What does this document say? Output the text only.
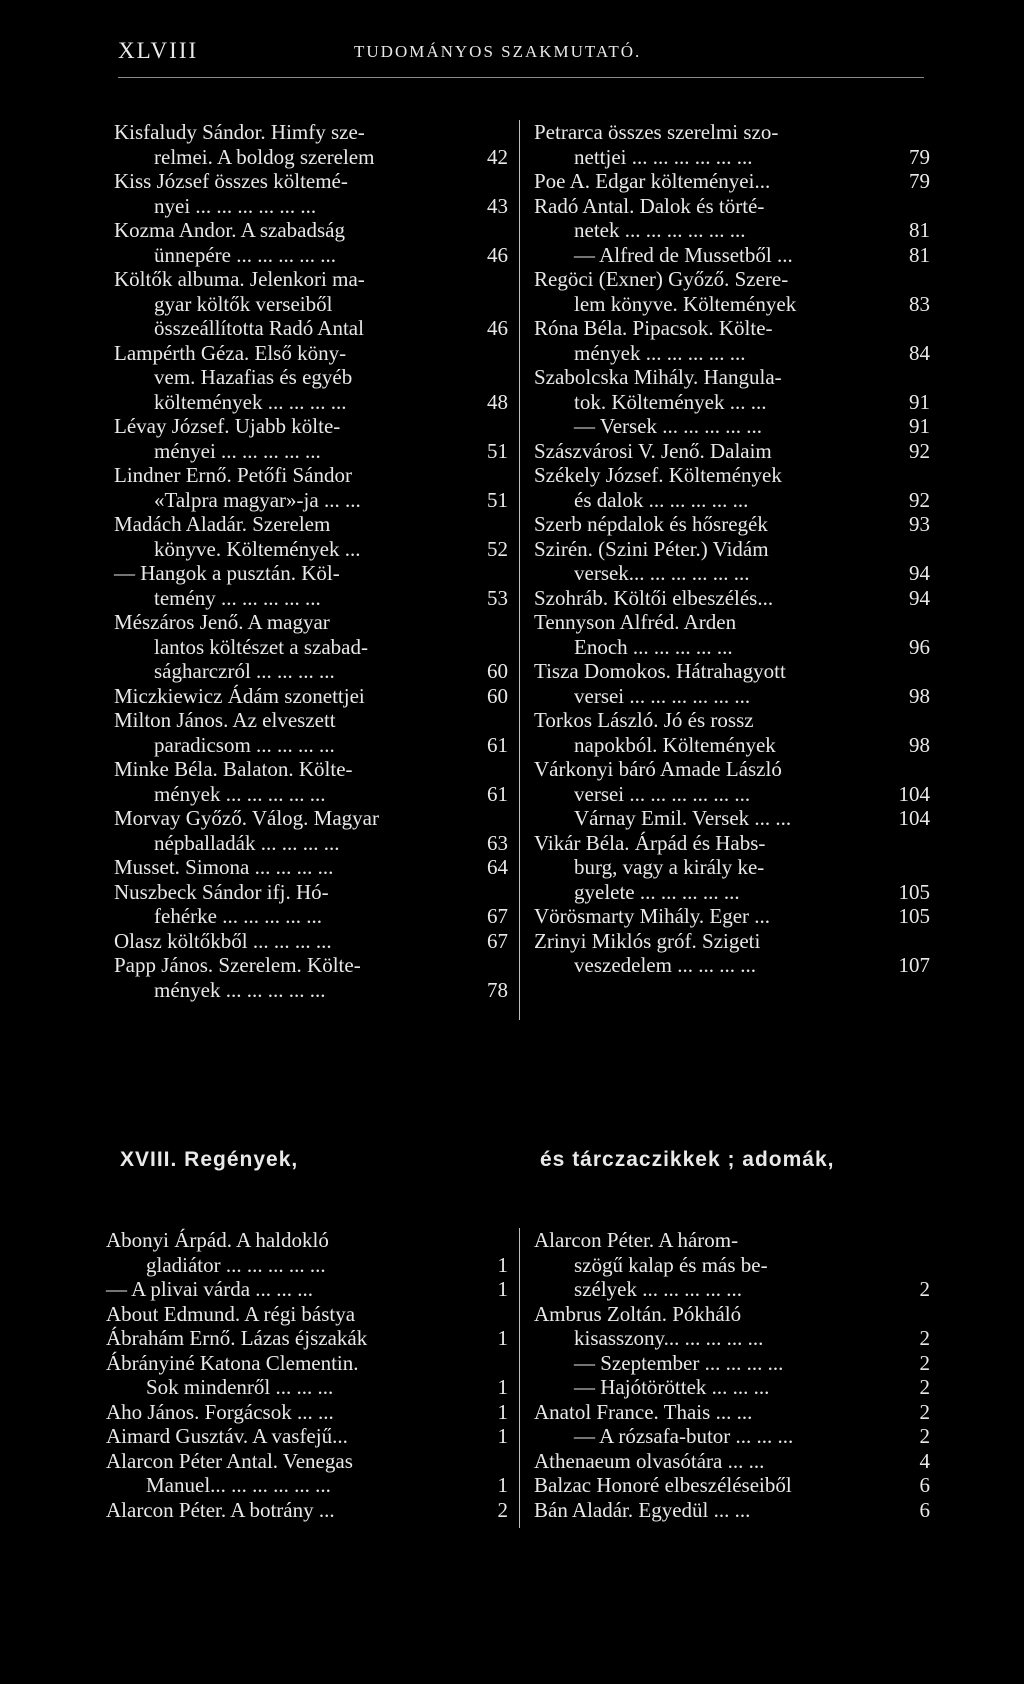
XLVIII	TUDOMÁNYOS SZAKMUTATÓ.
Kisfaludy Sándor. Himfy sze-
relmei. A boldog szerelem	42
Kiss József összes költemé-
nyei ... ... ... ... ... ...	43
Kozma Andor. A szabadság
ünnepére ... ... ... ... ...	46
Költők albuma. Jelenkori ma-
gyar költők verseiből
összeállította Radó Antal	46
Lampérth Géza. Első köny-
vem. Hazafias és egyéb
költemények ... ... ... ...	48
Lévay József. Ujabb költe-
ményei ... ... ... ... ...	51
Lindner Ernő. Petőfi Sándor
«Talpra magyar»-ja ... ...	51
Madách Aladár. Szerelem
könyve. Költemények ...	52
— Hangok a pusztán. Köl-
temény ... ... ... ... ...	53
Mészáros Jenő. A magyar
lantos költészet a szabad-
ságharczról ... ... ... ...	60
Miczkiewicz Ádám szonettjei	60
Milton János. Az elveszett
paradicsom ... ... ... ...	61
Minke Béla. Balaton. Költe-
mények ... ... ... ... ...	61
Morvay Győző. Válog. Magyar
népballadák ... ... ... ...	63
Musset. Simona ... ... ... ...	64
Nuszbeck Sándor ifj. Hó-
fehérke ... ... ... ... ...	67
Olasz költőkből ... ... ... ...	67
Papp János. Szerelem. Költe-
mények ... ... ... ... ...	78
Petrarca összes szerelmi szo-
nettjei ... ... ... ... ... ...	79
Poe A. Edgar költeményei...	79
Radó Antal. Dalok és törté-
netek ... ... ... ... ... ...	81
— Alfred de Mussetből ...	81
Regöci (Exner) Győző. Szere-
lem könyve. Költemények	83
Róna Béla. Pipacsok. Költe-
mények ... ... ... ... ...	84
Szabolcska Mihály. Hangula-
tok. Költemények ... ...	91
— Versek ... ... ... ... ...	91
Szászvárosi V. Jenő. Dalaim	92
Székely József. Költemények
és dalok ... ... ... ... ...	92
Szerb népdalok és hősregék	93
Szirén. (Szini Péter.) Vidám
versek... ... ... ... ... ...	94
Szohráb. Költői elbeszélés...	94
Tennyson Alfréd. Arden
Enoch ... ... ... ... ...	96
Tisza Domokos. Hátrahagyott
versei ... ... ... ... ... ...	98
Torkos László. Jó és rossz
napokból. Költemények	98
Várkonyi báró Amade László
versei ... ... ... ... ... ...	104
Várnay Emil. Versek ... ...	104
Vikár Béla. Árpád és Habs-
burg, vagy a király ke-
gyelete ... ... ... ... ...	105
Vörösmarty Mihály. Eger ...	105
Zrinyi Miklós gróf. Szigeti
veszedelem ... ... ... ...	107
XVIII. Regények,	és tárczaczikkek ; adomák,
Abonyi Árpád. A haldokló
gladiátor ... ... ... ... ...	1
— A plivai várda ... ... ...	1
About Edmund. A régi bástya
Ábrahám Ernő. Lázas éjszakák	1
Ábrányiné Katona Clementin.
Sok mindenről ... ... ...	1
Aho János. Forgácsok ... ...	1
Aimard Gusztáv. A vasfejű...	1
Alarcon Péter Antal. Venegas
Manuel... ... ... ... ... ...	1
Alarcon Péter. A botrány ...	2
Alarcon Péter. A három-
szögű kalap és más be-
szélyek ... ... ... ... ...	2
Ambrus Zoltán. Pókháló
kisasszony... ... ... ... ...	2
— Szeptember ... ... ... ...	2
— Hajótöröttek ... ... ...	2
Anatol France. Thais ... ...	2
— A rózsafa-butor ... ... ...	2
Athenaeum olvasótára ... ...	4
Balzac Honoré elbeszéléseiből	6
Bán Aladár. Egyedül ... ...	6
